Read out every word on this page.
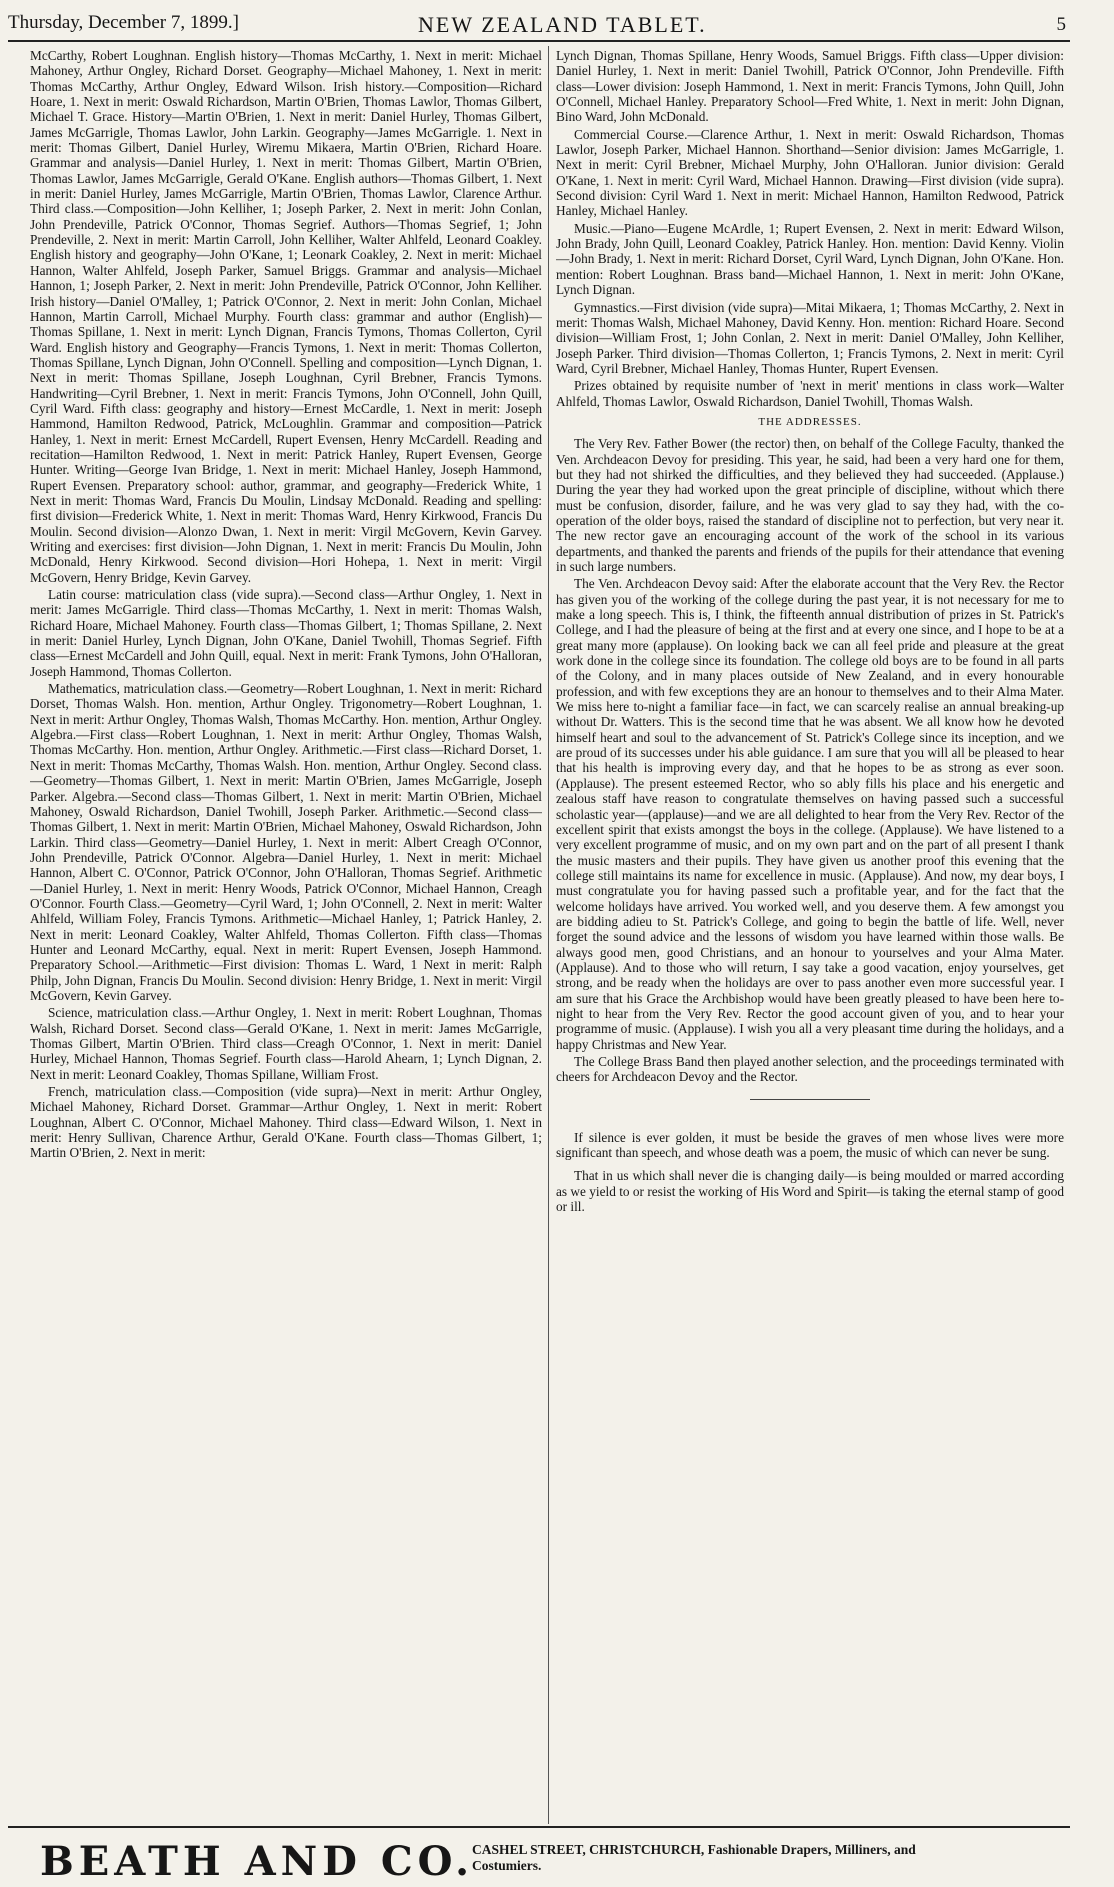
Thursday, December 7, 1899.]	NEW ZEALAND TABLET.	5

McCarthy, Robert Loughnan. English history—Thomas McCarthy, 1. Next in merit: Michael Mahoney, Arthur Ongley, Richard Dorset. Geography—Michael Mahoney, 1. Next in merit: Thomas McCarthy, Arthur Ongley, Edward Wilson. Irish history.—Composition—Richard Hoare, 1. Next in merit: Oswald Richardson, Martin O'Brien, Thomas Lawlor, Thomas Gilbert, Michael T. Grace. History—Martin O'Brien, 1. Next in merit: Daniel Hurley, Thomas Gilbert, James McGarrigle, Thomas Lawlor, John Larkin. Geography—James McGarrigle. 1. Next in merit: Thomas Gilbert, Daniel Hurley, Wiremu Mikaera, Martin O'Brien, Richard Hoare. Grammar and analysis—Daniel Hurley, 1. Next in merit: Thomas Gilbert, Martin O'Brien, Thomas Lawlor, James McGarrigle, Gerald O'Kane. English authors—Thomas Gilbert, 1. Next in merit: Daniel Hurley, James McGarrigle, Martin O'Brien, Thomas Lawlor, Clarence Arthur. Third class.—Composition—John Kelliher, 1; Joseph Parker, 2. Next in merit: John Conlan, John Prendeville, Patrick O'Connor, Thomas Segrief. Authors—Thomas Segrief, 1; John Prendeville, 2. Next in merit: Martin Carroll, John Kelliher, Walter Ahlfeld, Leonard Coakley. English history and geography—John O'Kane, 1; Leonark Coakley, 2. Next in merit: Michael Hannon, Walter Ahlfeld, Joseph Parker, Samuel Briggs. Grammar and analysis—Michael Hannon, 1; Joseph Parker, 2. Next in merit: John Prendeville, Patrick O'Connor, John Kelliher. Irish history—Daniel O'Malley, 1; Patrick O'Connor, 2. Next in merit: John Conlan, Michael Hannon, Martin Carroll, Michael Murphy. Fourth class: grammar and author (English)—Thomas Spillane, 1. Next in merit: Lynch Dignan, Francis Tymons, Thomas Collerton, Cyril Ward. English history and Geography—Francis Tymons, 1. Next in merit: Thomas Collerton, Thomas Spillane, Lynch Dignan, John O'Connell. Spelling and composition—Lynch Dignan, 1. Next in merit: Thomas Spillane, Joseph Loughnan, Cyril Brebner, Francis Tymons. Handwriting—Cyril Brebner, 1. Next in merit: Francis Tymons, John O'Connell, John Quill, Cyril Ward. Fifth class: geography and history—Ernest McCardle, 1. Next in merit: Joseph Hammond, Hamilton Redwood, Patrick, McLoughlin. Grammar and composition—Patrick Hanley, 1. Next in merit: Ernest McCardell, Rupert Evensen, Henry McCardell. Reading and recitation—Hamilton Redwood, 1. Next in merit: Patrick Hanley, Rupert Evensen, George Hunter. Writing—George Ivan Bridge, 1. Next in merit: Michael Hanley, Joseph Hammond, Rupert Evensen. Preparatory school: author, grammar, and geography—Frederick White, 1 Next in merit: Thomas Ward, Francis Du Moulin, Lindsay McDonald. Reading and spelling: first division—Frederick White, 1. Next in merit: Thomas Ward, Henry Kirkwood, Francis Du Moulin. Second division—Alonzo Dwan, 1. Next in merit: Virgil McGovern, Kevin Garvey. Writing and exercises: first division—John Dignan, 1. Next in merit: Francis Du Moulin, John McDonald, Henry Kirkwood. Second division—Hori Hohepa, 1. Next in merit: Virgil McGovern, Henry Bridge, Kevin Garvey.

Latin course: matriculation class (vide supra).—Second class—Arthur Ongley, 1. Next in merit: James McGarrigle. Third class—Thomas McCarthy, 1. Next in merit: Thomas Walsh, Richard Hoare, Michael Mahoney. Fourth class—Thomas Gilbert, 1; Thomas Spillane, 2. Next in merit: Daniel Hurley, Lynch Dignan, John O'Kane, Daniel Twohill, Thomas Segrief. Fifth class—Ernest McCardell and John Quill, equal. Next in merit: Frank Tymons, John O'Halloran, Joseph Hammond, Thomas Collerton.

Mathematics, matriculation class.—Geometry—Robert Loughnan, 1. Next in merit: Richard Dorset, Thomas Walsh. Hon. mention, Arthur Ongley. Trigonometry—Robert Loughnan, 1. Next in merit: Arthur Ongley, Thomas Walsh, Thomas McCarthy. Hon. mention, Arthur Ongley. Algebra.—First class—Robert Loughnan, 1. Next in merit: Arthur Ongley, Thomas Walsh, Thomas McCarthy. Hon. mention, Arthur Ongley. Arithmetic.—First class—Richard Dorset, 1. Next in merit: Thomas McCarthy, Thomas Walsh. Hon. mention, Arthur Ongley. Second class.—Geometry—Thomas Gilbert, 1. Next in merit: Martin O'Brien, James McGarrigle, Joseph Parker. Algebra.—Second class—Thomas Gilbert, 1. Next in merit: Martin O'Brien, Michael Mahoney, Oswald Richardson, Daniel Twohill, Joseph Parker. Arithmetic.—Second class—Thomas Gilbert, 1. Next in merit: Martin O'Brien, Michael Mahoney, Oswald Richardson, John Larkin. Third class—Geometry—Daniel Hurley, 1. Next in merit: Albert Creagh O'Connor, John Prendeville, Patrick O'Connor. Algebra—Daniel Hurley, 1. Next in merit: Michael Hannon, Albert C. O'Connor, Patrick O'Connor, John O'Halloran, Thomas Segrief. Arithmetic—Daniel Hurley, 1. Next in merit: Henry Woods, Patrick O'Connor, Michael Hannon, Creagh O'Connor. Fourth Class.—Geometry—Cyril Ward, 1; John O'Connell, 2. Next in merit: Walter Ahlfeld, William Foley, Francis Tymons. Arithmetic—Michael Hanley, 1; Patrick Hanley, 2. Next in merit: Leonard Coakley, Walter Ahlfeld, Thomas Collerton. Fifth class—Thomas Hunter and Leonard McCarthy, equal. Next in merit: Rupert Evensen, Joseph Hammond. Preparatory School.—Arithmetic—First division: Thomas L. Ward, 1 Next in merit: Ralph Philp, John Dignan, Francis Du Moulin. Second division: Henry Bridge, 1. Next in merit: Virgil McGovern, Kevin Garvey.

Science, matriculation class.—Arthur Ongley, 1. Next in merit: Robert Loughnan, Thomas Walsh, Richard Dorset. Second class—Gerald O'Kane, 1. Next in merit: James McGarrigle, Thomas Gilbert, Martin O'Brien. Third class—Creagh O'Connor, 1. Next in merit: Daniel Hurley, Michael Hannon, Thomas Segrief. Fourth class—Harold Ahearn, 1; Lynch Dignan, 2. Next in merit: Leonard Coakley, Thomas Spillane, William Frost.

French, matriculation class.—Composition (vide supra)—Next in merit: Arthur Ongley, Michael Mahoney, Richard Dorset. Grammar—Arthur Ongley, 1. Next in merit: Robert Loughnan, Albert C. O'Connor, Michael Mahoney. Third class—Edward Wilson, 1. Next in merit: Henry Sullivan, Charence Arthur, Gerald O'Kane. Fourth class—Thomas Gilbert, 1; Martin O'Brien, 2. Next in merit:

Lynch Dignan, Thomas Spillane, Henry Woods, Samuel Briggs. Fifth class—Upper division: Daniel Hurley, 1. Next in merit: Daniel Twohill, Patrick O'Connor, John Prendeville. Fifth class—Lower division: Joseph Hammond, 1. Next in merit: Francis Tymons, John Quill, John O'Connell, Michael Hanley. Preparatory School—Fred White, 1. Next in merit: John Dignan, Bino Ward, John McDonald.

Commercial Course.—Clarence Arthur, 1. Next in merit: Oswald Richardson, Thomas Lawlor, Joseph Parker, Michael Hannon. Shorthand—Senior division: James McGarrigle, 1. Next in merit: Cyril Brebner, Michael Murphy, John O'Halloran. Junior division: Gerald O'Kane, 1. Next in merit: Cyril Ward, Michael Hannon. Drawing—First division (vide supra). Second division: Cyril Ward 1. Next in merit: Michael Hannon, Hamilton Redwood, Patrick Hanley, Michael Hanley.

Music.—Piano—Eugene McArdle, 1; Rupert Evensen, 2. Next in merit: Edward Wilson, John Brady, John Quill, Leonard Coakley, Patrick Hanley. Hon. mention: David Kenny. Violin—John Brady, 1. Next in merit: Richard Dorset, Cyril Ward, Lynch Dignan, John O'Kane. Hon. mention: Robert Loughnan. Brass band—Michael Hannon, 1. Next in merit: John O'Kane, Lynch Dignan.

Gymnastics.—First division (vide supra)—Mitai Mikaera, 1; Thomas McCarthy, 2. Next in merit: Thomas Walsh, Michael Mahoney, David Kenny. Hon. mention: Richard Hoare. Second division—William Frost, 1; John Conlan, 2. Next in merit: Daniel O'Malley, John Kelliher, Joseph Parker. Third division—Thomas Collerton, 1; Francis Tymons, 2. Next in merit: Cyril Ward, Cyril Brebner, Michael Hanley, Thomas Hunter, Rupert Evensen.

Prizes obtained by requisite number of 'next in merit' mentions in class work—Walter Ahlfeld, Thomas Lawlor, Oswald Richardson, Daniel Twohill, Thomas Walsh.

THE ADDRESSES.

The Very Rev. Father Bower (the rector) then, on behalf of the College Faculty, thanked the Ven. Archdeacon Devoy for presiding. This year, he said, had been a very hard one for them, but they had not shirked the difficulties, and they believed they had succeeded. (Applause.) During the year they had worked upon the great principle of discipline, without which there must be confusion, disorder, failure, and he was very glad to say they had, with the co-operation of the older boys, raised the standard of discipline not to perfection, but very near it. The new rector gave an encouraging account of the work of the school in its various departments, and thanked the parents and friends of the pupils for their attendance that evening in such large numbers.

The Ven. Archdeacon Devoy said: After the elaborate account that the Very Rev. the Rector has given you of the working of the college during the past year, it is not necessary for me to make a long speech. This is, I think, the fifteenth annual distribution of prizes in St. Patrick's College, and I had the pleasure of being at the first and at every one since, and I hope to be at a great many more (applause). On looking back we can all feel pride and pleasure at the great work done in the college since its foundation. The college old boys are to be found in all parts of the Colony, and in many places outside of New Zealand, and in every honourable profession, and with few exceptions they are an honour to themselves and to their Alma Mater. We miss here to-night a familiar face—in fact, we can scarcely realise an annual breaking-up without Dr. Watters. This is the second time that he was absent. We all know how he devoted himself heart and soul to the advancement of St. Patrick's College since its inception, and we are proud of its successes under his able guidance. I am sure that you will all be pleased to hear that his health is improving every day, and that he hopes to be as strong as ever soon. (Applause). The present esteemed Rector, who so ably fills his place and his energetic and zealous staff have reason to congratulate themselves on having passed such a successful scholastic year—(applause)—and we are all delighted to hear from the Very Rev. Rector of the excellent spirit that exists amongst the boys in the college. (Applause). We have listened to a very excellent programme of music, and on my own part and on the part of all present I thank the music masters and their pupils. They have given us another proof this evening that the college still maintains its name for excellence in music. (Applause). And now, my dear boys, I must congratulate you for having passed such a profitable year, and for the fact that the welcome holidays have arrived. You worked well, and you deserve them. A few amongst you are bidding adieu to St. Patrick's College, and going to begin the battle of life. Well, never forget the sound advice and the lessons of wisdom you have learned within those walls. Be always good men, good Christians, and an honour to yourselves and your Alma Mater. (Applause). And to those who will return, I say take a good vacation, enjoy yourselves, get strong, and be ready when the holidays are over to pass another even more successful year. I am sure that his Grace the Archbishop would have been greatly pleased to have been here to-night to hear from the Very Rev. Rector the good account given of you, and to hear your programme of music. (Applause). I wish you all a very pleasant time during the holidays, and a happy Christmas and New Year.

The College Brass Band then played another selection, and the proceedings terminated with cheers for Archdeacon Devoy and the Rector.

If silence is ever golden, it must be beside the graves of men whose lives were more significant than speech, and whose death was a poem, the music of which can never be sung.

That in us which shall never die is changing daily—is being moulded or marred according as we yield to or resist the working of His Word and Spirit—is taking the eternal stamp of good or ill.

BEATH AND CO.
CASHEL STREET, CHRISTCHURCH, Fashionable Drapers, Milliners, and
Costumiers.
